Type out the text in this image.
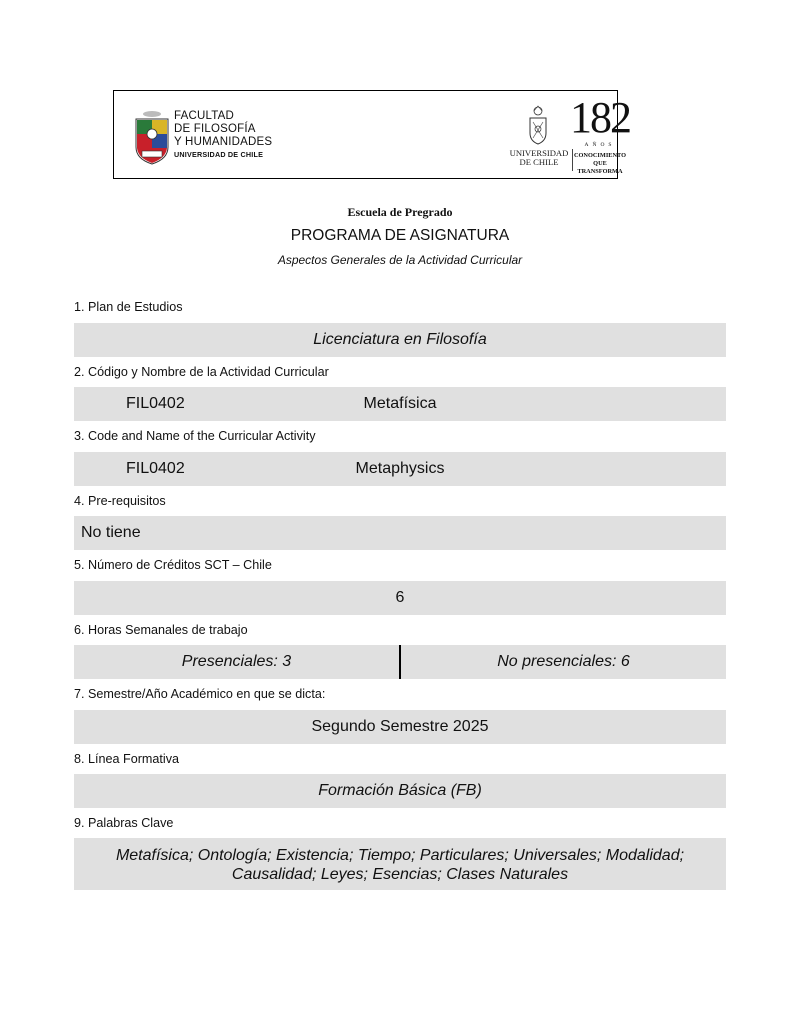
FACULTAD
DE FILOSOFÍA
Y HUMANIDADES
UNIVERSIDAD DE CHILE	UNIVERSIDAD
DE CHILE
182
AÑOS
CONOCIMIENTO
QUE TRANSFORMA
Escuela de Pregrado
PROGRAMA DE ASIGNATURA
Aspectos Generales de la Actividad Curricular
1. Plan de Estudios
Licenciatura en Filosofía
2. Código y Nombre de la Actividad Curricular
FIL0402	Metafísica
3. Code and Name of the Curricular Activity
FIL0402	Metaphysics
4. Pre-requisitos
No tiene
5. Número de Créditos SCT – Chile
6
6. Horas Semanales de trabajo
Presenciales: 3	No presenciales: 6
7. Semestre/Año Académico en que se dicta:
Segundo Semestre 2025
8. Línea Formativa
Formación Básica (FB)
9. Palabras Clave
Metafísica; Ontología; Existencia; Tiempo; Particulares; Universales; Modalidad;
Causalidad; Leyes; Esencias; Clases Naturales
